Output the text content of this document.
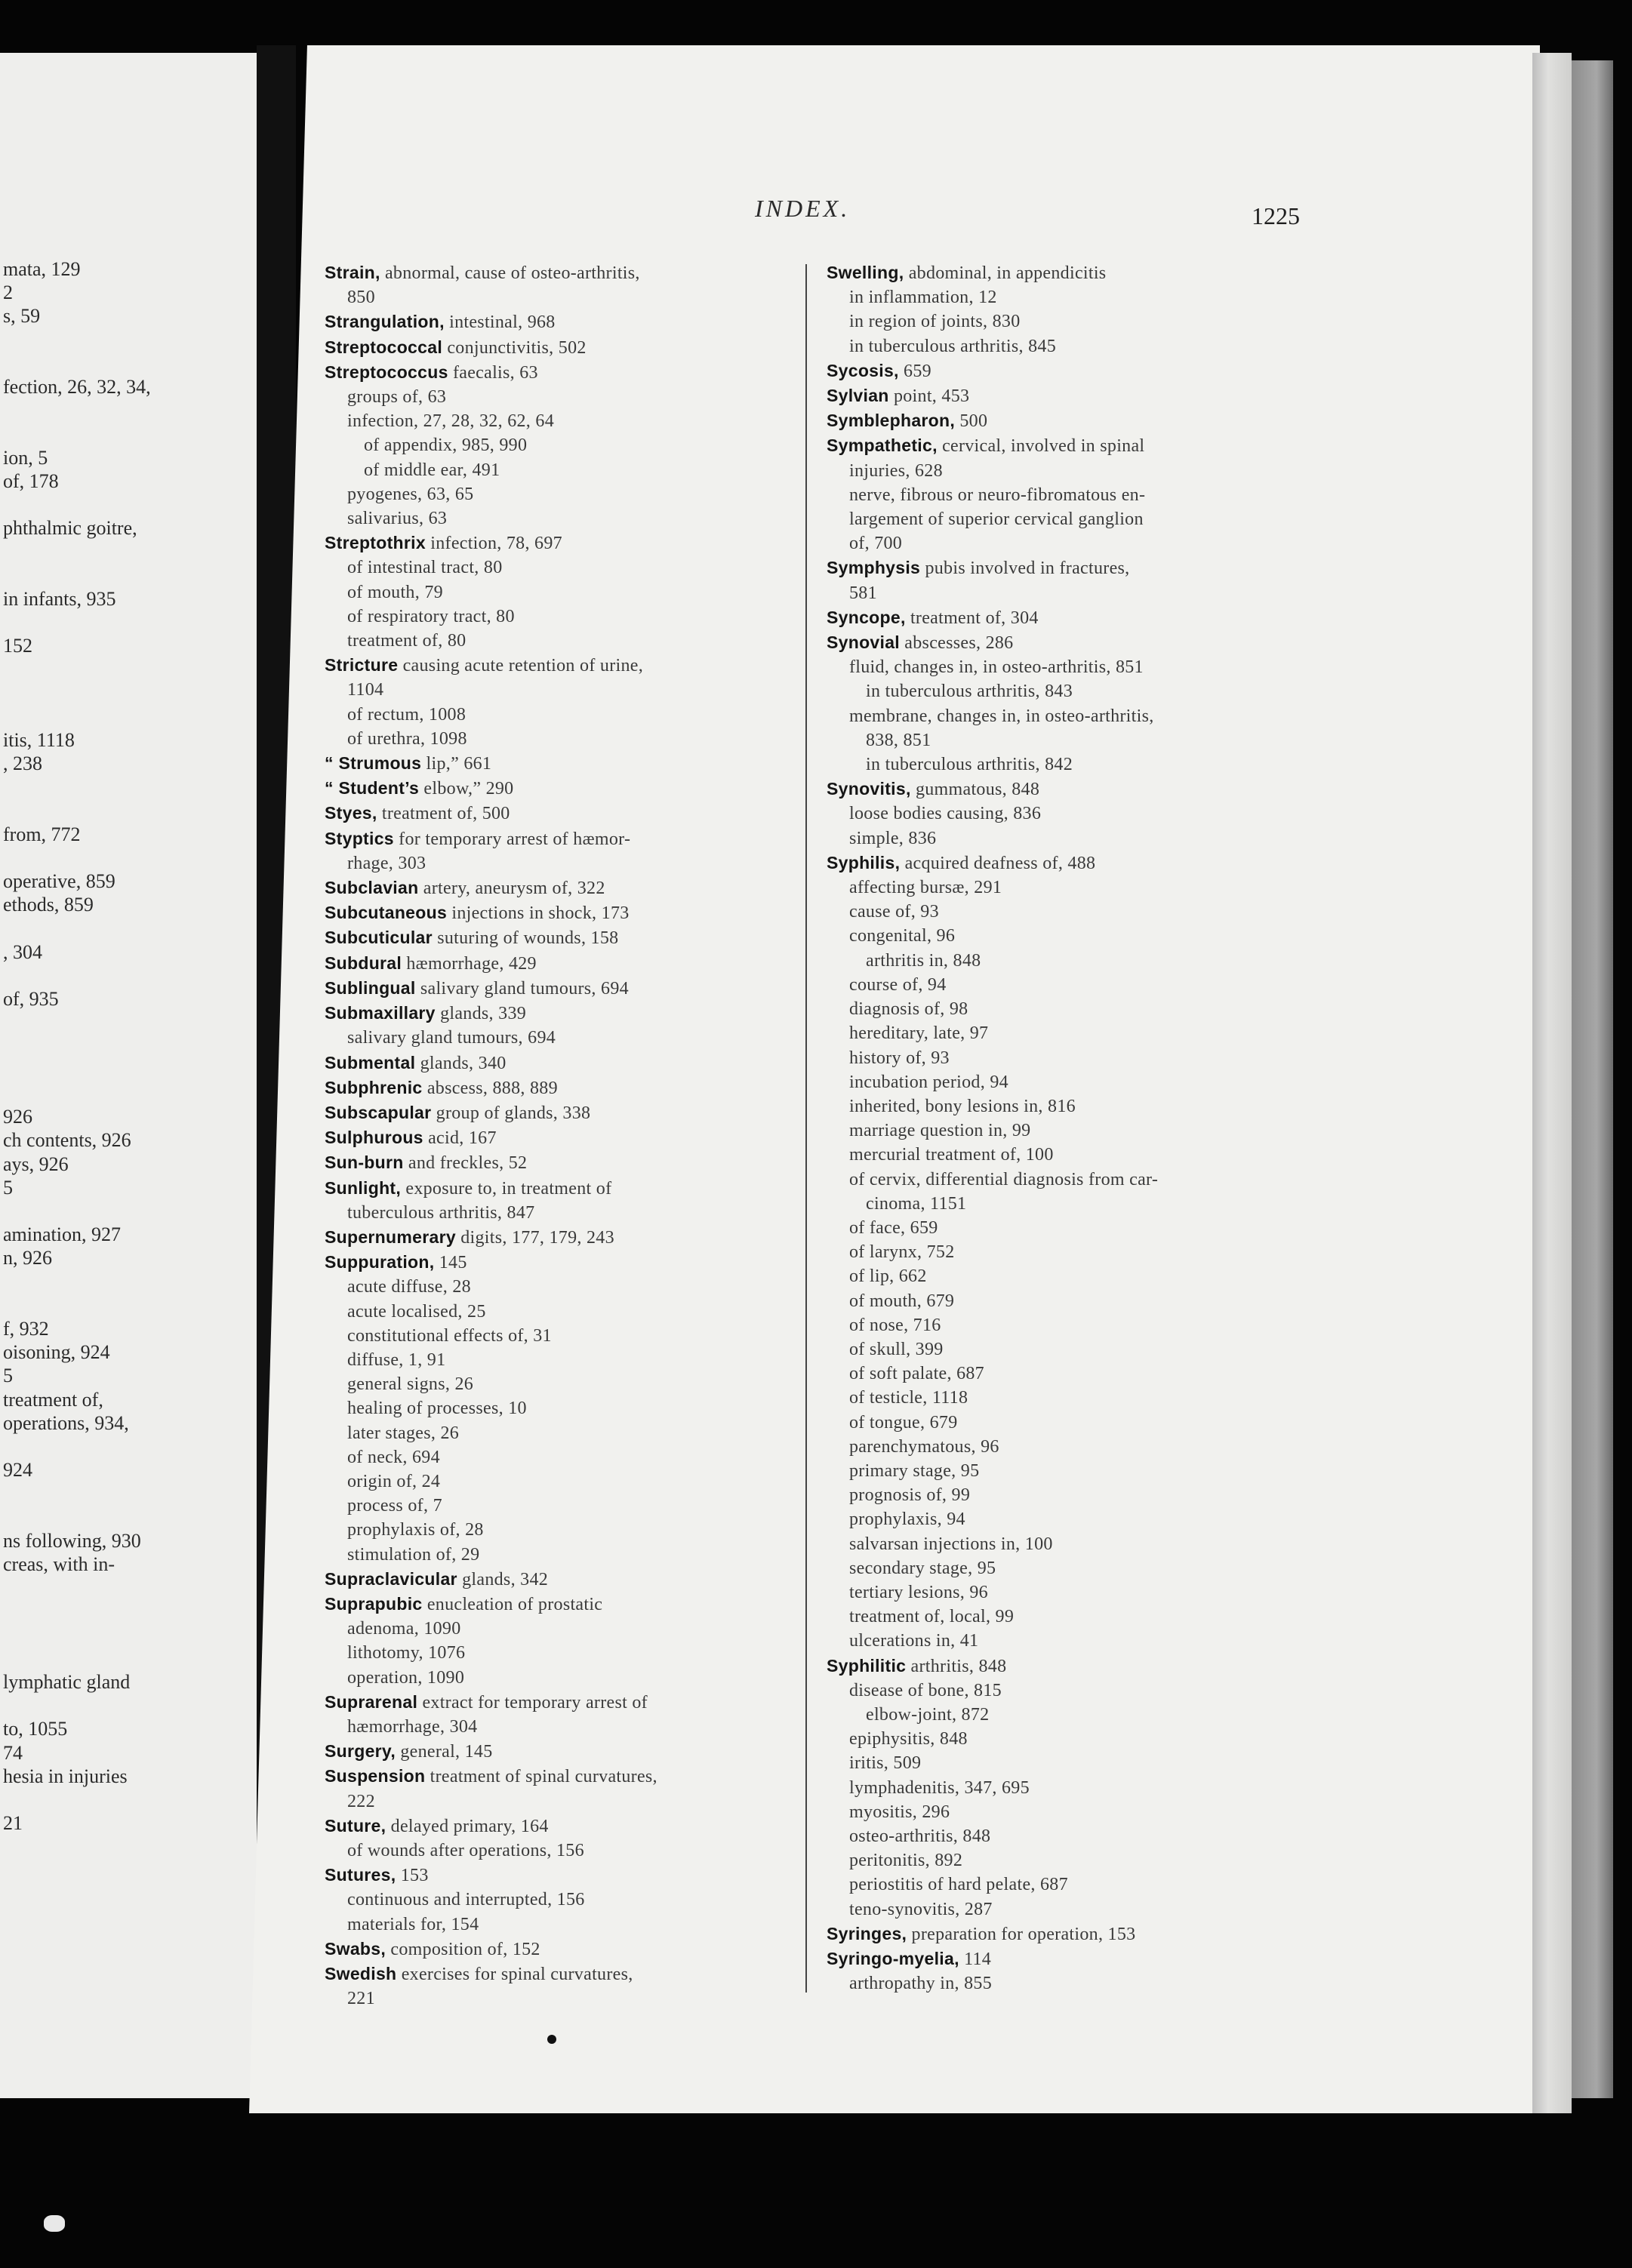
mata, 129
2
s, 59
fection, 26, 32, 34,
ion, 5
of, 178
phthalmic goitre,
in infants, 935
152
itis, 1118
, 238
from, 772
operative, 859
ethods, 859
, 304
of, 935
926
ch contents, 926
ays, 926
5
amination, 927
n, 926
f, 932
oisoning, 924
5
treatment of,
operations, 934,
924
ns following, 930
creas, with in-
lymphatic gland
to, 1055
74
hesia in injuries
21
INDEX.	1225
Strain, abnormal, cause of osteo-arthritis,
850
Strangulation, intestinal, 968
Streptococcal conjunctivitis, 502
Streptococcus faecalis, 63
groups of, 63
infection, 27, 28, 32, 62, 64
of appendix, 985, 990
of middle ear, 491
pyogenes, 63, 65
salivarius, 63
Streptothrix infection, 78, 697
of intestinal tract, 80
of mouth, 79
of respiratory tract, 80
treatment of, 80
Stricture causing acute retention of urine,
1104
of rectum, 1008
of urethra, 1098
“ Strumous lip,” 661
“ Student’s elbow,” 290
Styes, treatment of, 500
Styptics for temporary arrest of hæmor-
rhage, 303
Subclavian artery, aneurysm of, 322
Subcutaneous injections in shock, 173
Subcuticular suturing of wounds, 158
Subdural hæmorrhage, 429
Sublingual salivary gland tumours, 694
Submaxillary glands, 339
salivary gland tumours, 694
Submental glands, 340
Subphrenic abscess, 888, 889
Subscapular group of glands, 338
Sulphurous acid, 167
Sun-burn and freckles, 52
Sunlight, exposure to, in treatment of
tuberculous arthritis, 847
Supernumerary digits, 177, 179, 243
Suppuration, 145
acute diffuse, 28
acute localised, 25
constitutional effects of, 31
diffuse, 1, 91
general signs, 26
healing of processes, 10
later stages, 26
of neck, 694
origin of, 24
process of, 7
prophylaxis of, 28
stimulation of, 29
Supraclavicular glands, 342
Suprapubic enucleation of prostatic
adenoma, 1090
lithotomy, 1076
operation, 1090
Suprarenal extract for temporary arrest of
hæmorrhage, 304
Surgery, general, 145
Suspension treatment of spinal curvatures,
222
Suture, delayed primary, 164
of wounds after operations, 156
Sutures, 153
continuous and interrupted, 156
materials for, 154
Swabs, composition of, 152
Swedish exercises for spinal curvatures,
221
Swelling, abdominal, in appendicitis
in inflammation, 12
in region of joints, 830
in tuberculous arthritis, 845
Sycosis, 659
Sylvian point, 453
Symblepharon, 500
Sympathetic, cervical, involved in spinal
injuries, 628
nerve, fibrous or neuro-fibromatous en-
largement of superior cervical ganglion
of, 700
Symphysis pubis involved in fractures,
581
Syncope, treatment of, 304
Synovial abscesses, 286
fluid, changes in, in osteo-arthritis, 851
in tuberculous arthritis, 843
membrane, changes in, in osteo-arthritis,
838, 851
in tuberculous arthritis, 842
Synovitis, gummatous, 848
loose bodies causing, 836
simple, 836
Syphilis, acquired deafness of, 488
affecting bursæ, 291
cause of, 93
congenital, 96
arthritis in, 848
course of, 94
diagnosis of, 98
hereditary, late, 97
history of, 93
incubation period, 94
inherited, bony lesions in, 816
marriage question in, 99
mercurial treatment of, 100
of cervix, differential diagnosis from car-
cinoma, 1151
of face, 659
of larynx, 752
of lip, 662
of mouth, 679
of nose, 716
of skull, 399
of soft palate, 687
of testicle, 1118
of tongue, 679
parenchymatous, 96
primary stage, 95
prognosis of, 99
prophylaxis, 94
salvarsan injections in, 100
secondary stage, 95
tertiary lesions, 96
treatment of, local, 99
ulcerations in, 41
Syphilitic arthritis, 848
disease of bone, 815
elbow-joint, 872
epiphysitis, 848
iritis, 509
lymphadenitis, 347, 695
myositis, 296
osteo-arthritis, 848
peritonitis, 892
periostitis of hard pelate, 687
teno-synovitis, 287
Syringes, preparation for operation, 153
Syringo-myelia, 114
arthropathy in, 855
